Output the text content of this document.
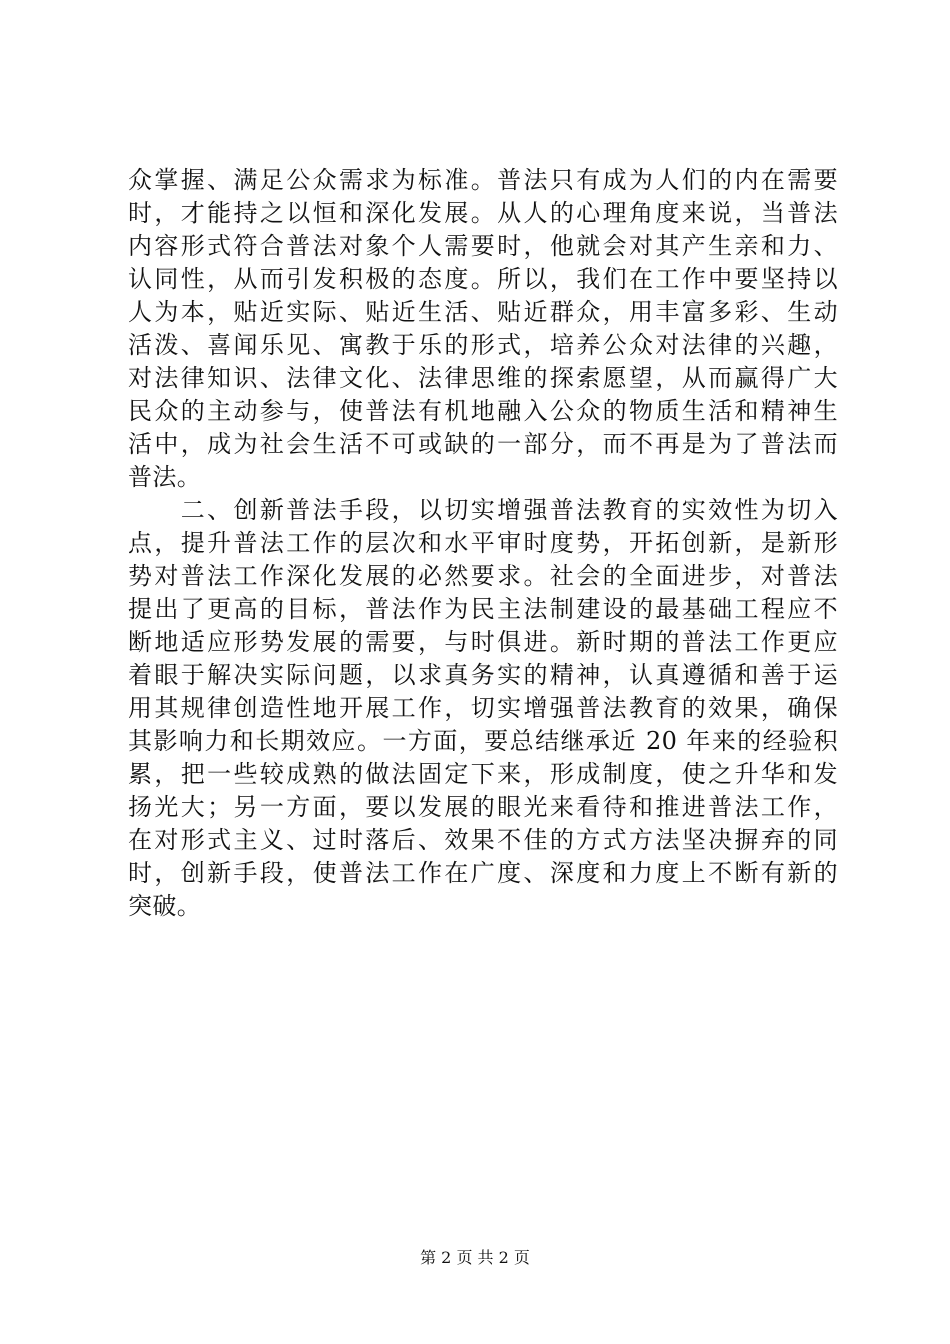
众掌握、满足公众需求为标准。普法只有成为人们的内在需要
时，才能持之以恒和深化发展。从人的心理角度来说，当普法
内容形式符合普法对象个人需要时，他就会对其产生亲和力、
认同性，从而引发积极的态度。所以，我们在工作中要坚持以
人为本，贴近实际、贴近生活、贴近群众，用丰富多彩、生动
活泼、喜闻乐见、寓教于乐的形式，培养公众对法律的兴趣，
对法律知识、法律文化、法律思维的探索愿望，从而赢得广大
民众的主动参与，使普法有机地融入公众的物质生活和精神生
活中，成为社会生活不可或缺的一部分，而不再是为了普法而
普法。
　　二、创新普法手段，以切实增强普法教育的实效性为切入
点，提升普法工作的层次和水平审时度势，开拓创新，是新形
势对普法工作深化发展的必然要求。社会的全面进步，对普法
提出了更高的目标，普法作为民主法制建设的最基础工程应不
断地适应形势发展的需要，与时俱进。新时期的普法工作更应
着眼于解决实际问题，以求真务实的精神，认真遵循和善于运
用其规律创造性地开展工作，切实增强普法教育的效果，确保
其影响力和长期效应。一方面，要总结继承近 20 年来的经验积
累，把一些较成熟的做法固定下来，形成制度，使之升华和发
扬光大；另一方面，要以发展的眼光来看待和推进普法工作，
在对形式主义、过时落后、效果不佳的方式方法坚决摒弃的同
时，创新手段，使普法工作在广度、深度和力度上不断有新的
突破。
第 2 页 共 2 页
